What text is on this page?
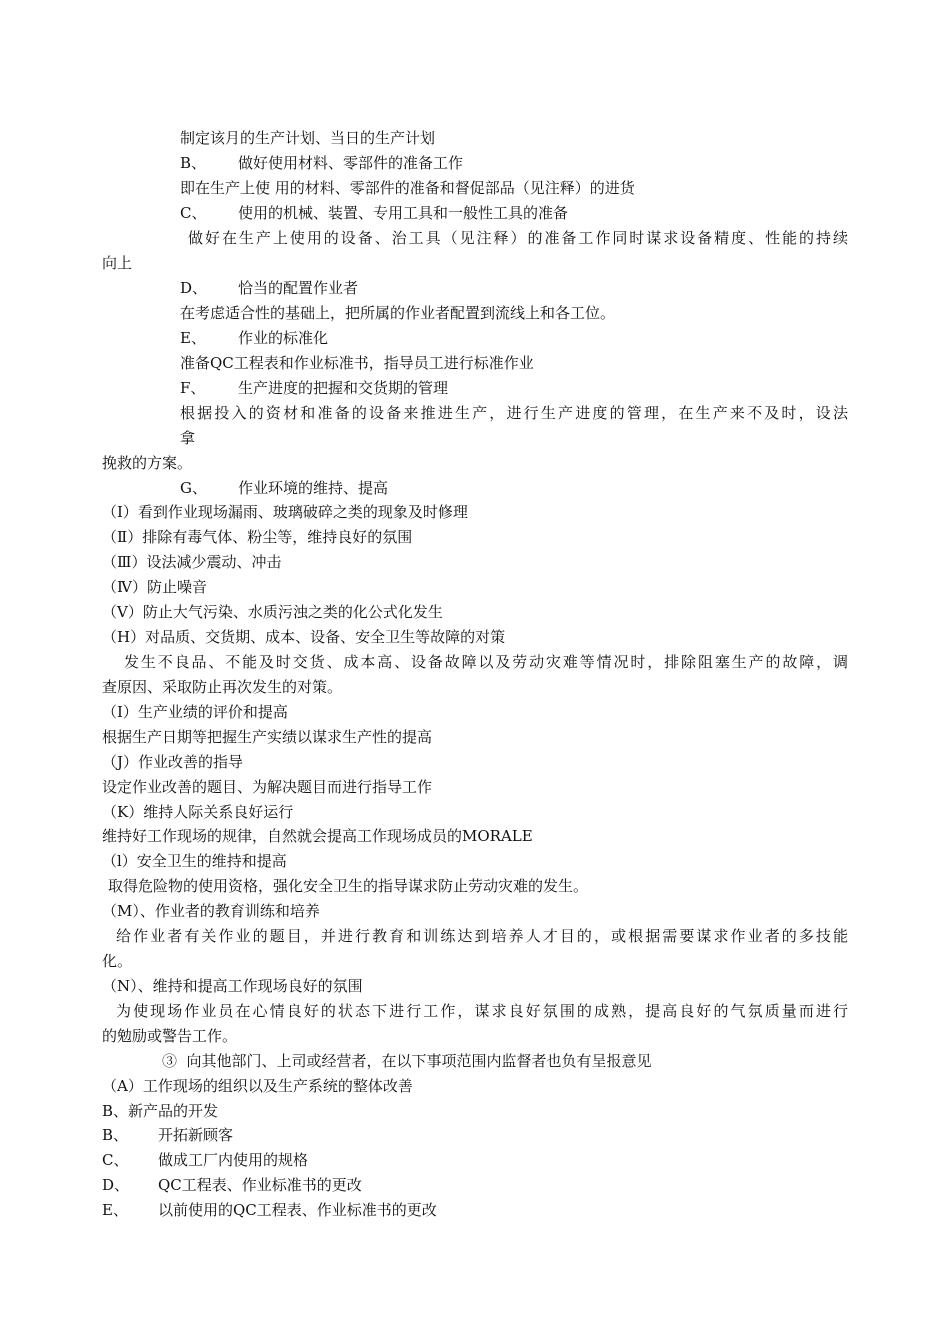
制定该月的生产计划、当日的生产计划
B、 做好使用材料、零部件的准备工作
即在生产上使 用的材料、零部件的准备和督促部品（见注释）的进货
C、 使用的机械、装置、专用工具和一般性工具的准备
做好在生产上使用的设备、治工具（见注释）的准备工作同时谋求设备精度、性能的持续
向上
D、 恰当的配置作业者
在考虑适合性的基础上，把所属的作业者配置到流线上和各工位。
E、 作业的标准化
准备QC工程表和作业标准书，指导员工进行标准作业
F、 生产进度的把握和交货期的管理
根据投入的资材和准备的设备来推进生产，进行生产进度的管理，在生产来不及时，设法
拿
挽救的方案。
G、 作业环境的维持、提高
（Ⅰ）看到作业现场漏雨、玻璃破碎之类的现象及时修理
（Ⅱ）排除有毒气体、粉尘等，维持良好的氛围
（Ⅲ）设法减少震动、冲击
（Ⅳ）防止噪音
（Ⅴ）防止大气污染、水质污浊之类的化公式化发生
（H）对品质、交货期、成本、设备、安全卫生等故障的对策
发生不良品、不能及时交货、成本高、设备故障以及劳动灾难等情况时，排除阻塞生产的故障，调
查原因、采取防止再次发生的对策。
（I）生产业绩的评价和提高
根据生产日期等把握生产实绩以谋求生产性的提高
（J）作业改善的指导
设定作业改善的题目、为解决题目而进行指导工作
（K）维持人际关系良好运行
维持好工作现场的规律，自然就会提高工作现场成员的MORALE
（l）安全卫生的维持和提高
取得危险物的使用资格，强化安全卫生的指导谋求防止劳动灾难的发生。
（M）、作业者的教育训练和培养
给作业者有关作业的题目，并进行教育和训练达到培养人才目的，或根据需要谋求作业者的多技能
化。
（N）、维持和提高工作现场良好的氛围
为使现场作业员在心情良好的状态下进行工作，谋求良好氛围的成熟，提高良好的气氛质量而进行
的勉励或警告工作。
③  向其他部门、上司或经营者，在以下事项范围内监督者也负有呈报意见
（A）工作现场的组织以及生产系统的整体改善
B、新产品的开发
B、 开拓新顾客
C、 做成工厂内使用的规格
D、 QC工程表、作业标准书的更改
E、 以前使用的QC工程表、作业标准书的更改
